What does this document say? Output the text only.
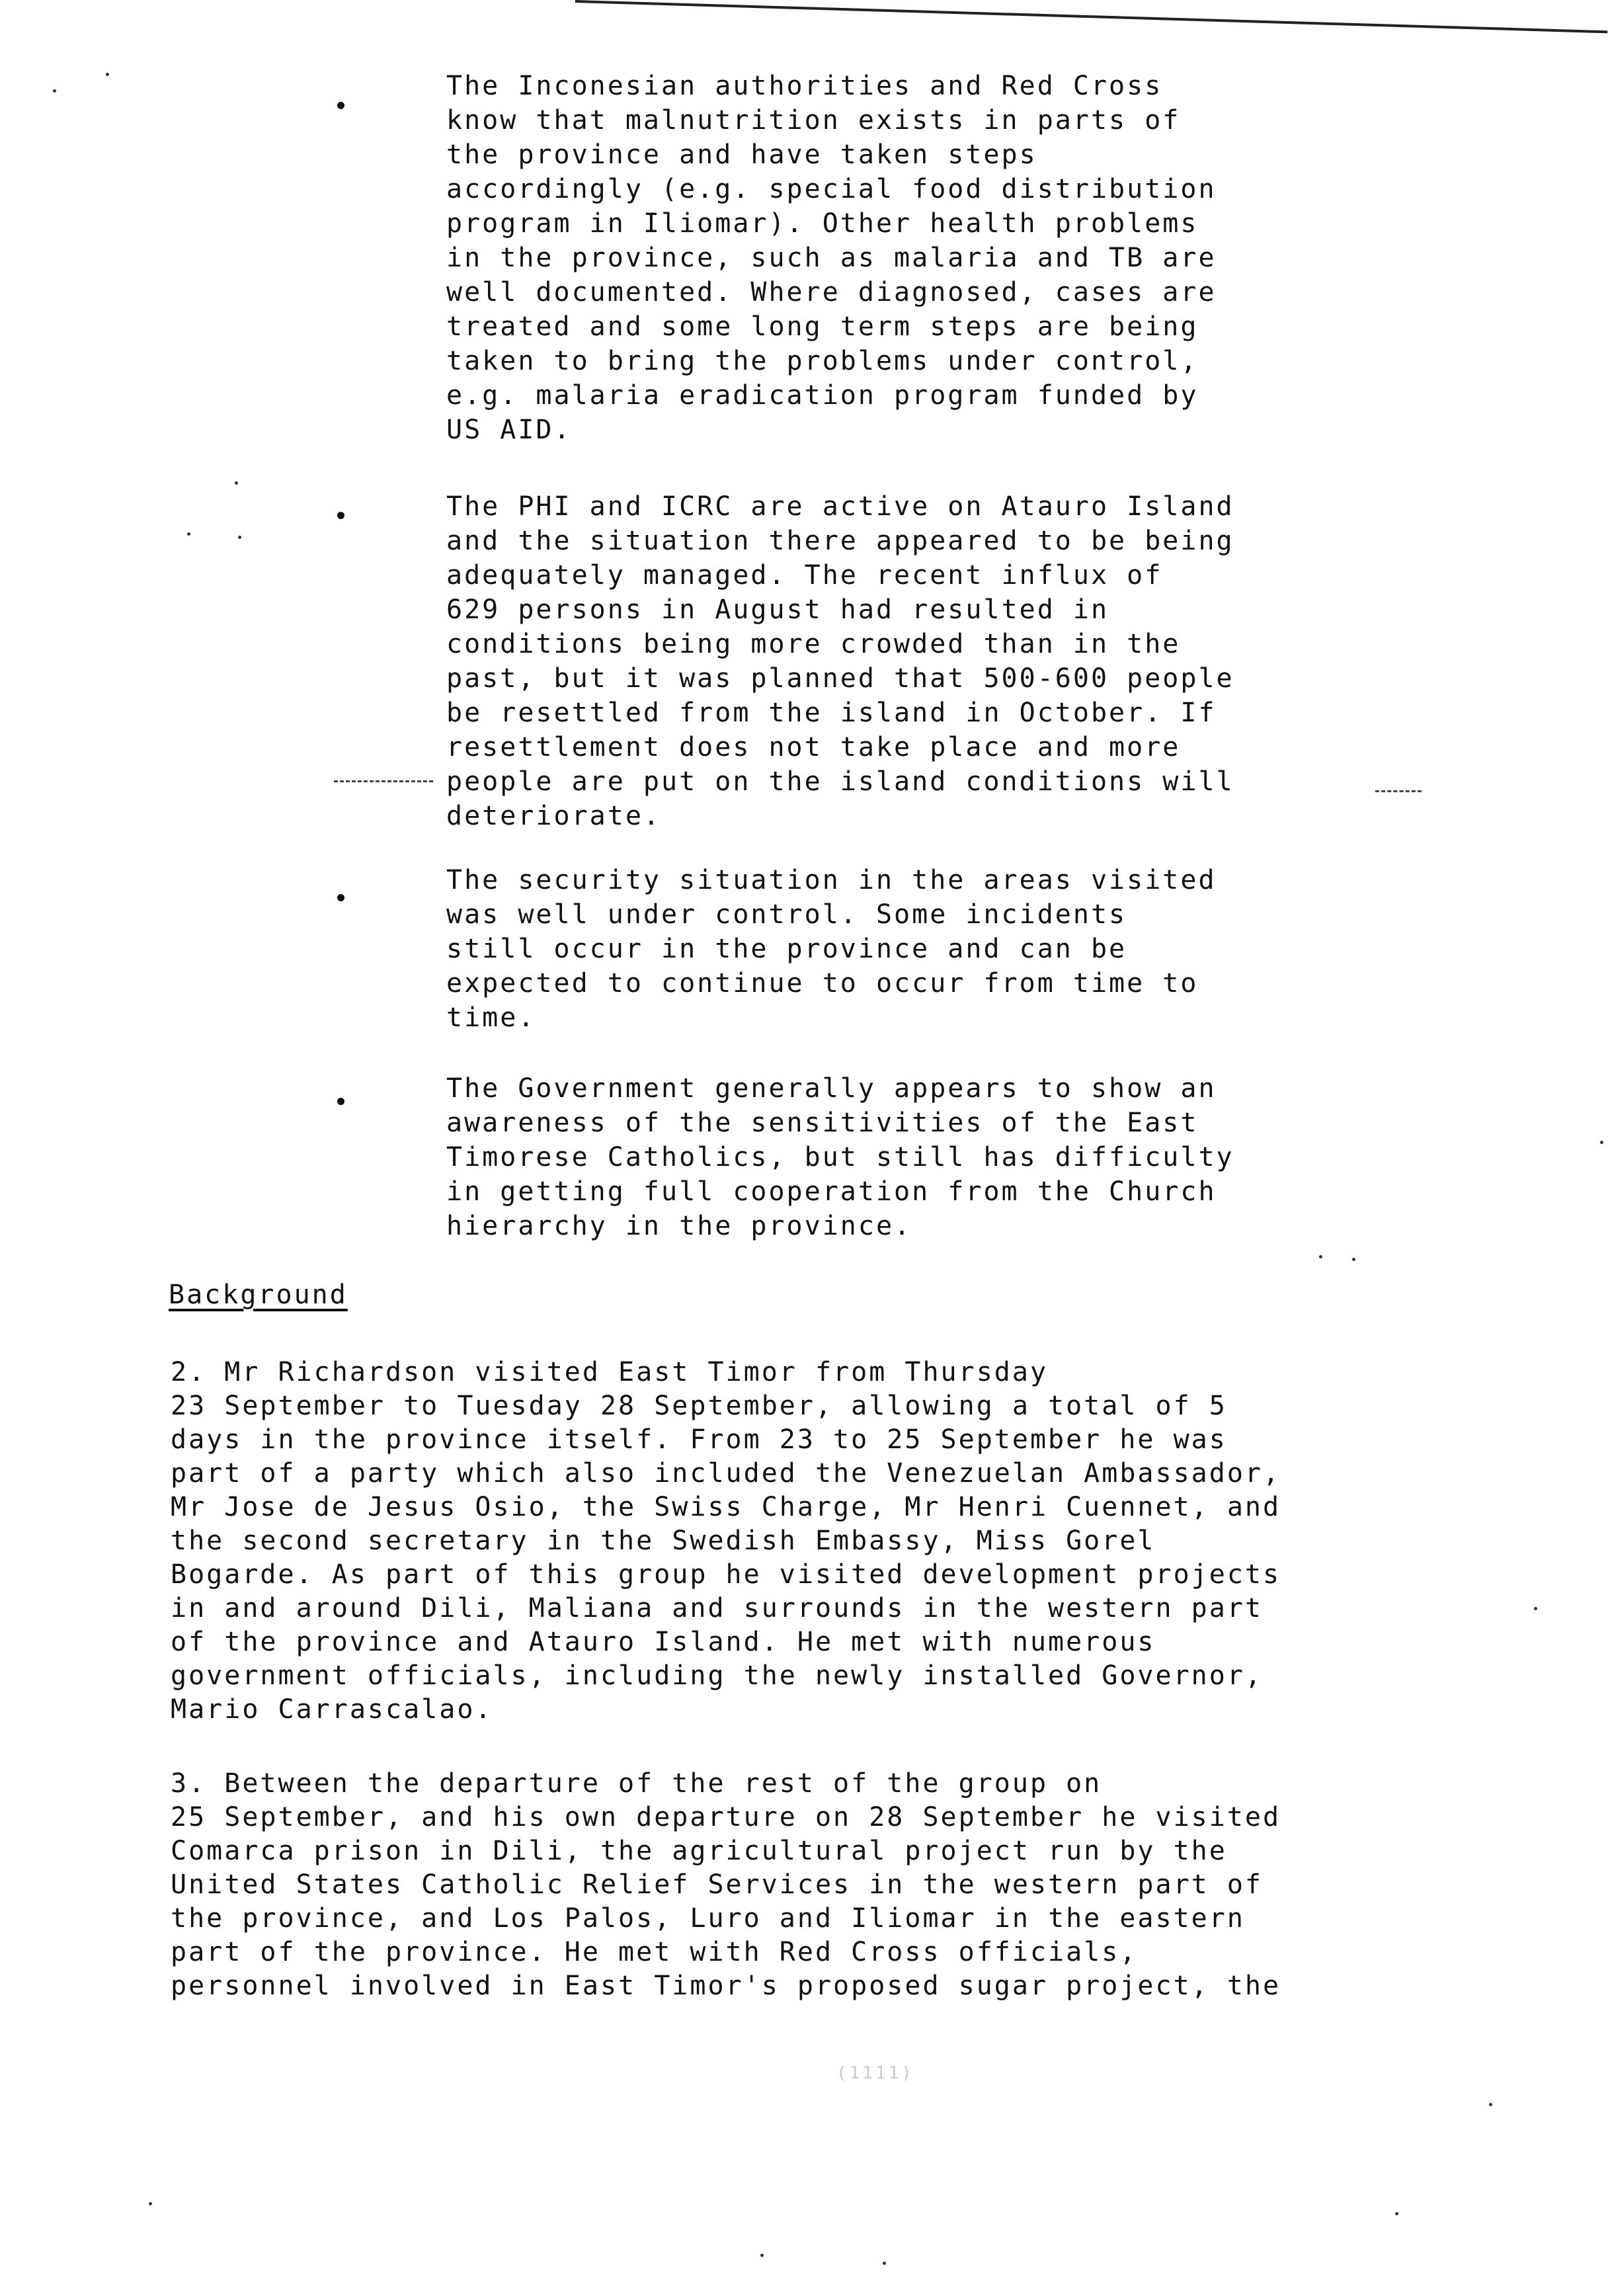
The Inconesian authorities and Red Cross
know that malnutrition exists in parts of
the province and have taken steps
accordingly (e.g. special food distribution
program in Iliomar). Other health problems
in the province, such as malaria and TB are
well documented. Where diagnosed, cases are
treated and some long term steps are being
taken to bring the problems under control,
e.g. malaria eradication program funded by
US AID.

The PHI and ICRC are active on Atauro Island
and the situation there appeared to be being
adequately managed. The recent influx of
629 persons in August had resulted in
conditions being more crowded than in the
past, but it was planned that 500-600 people
be resettled from the island in October. If
resettlement does not take place and more
people are put on the island conditions will
deteriorate.

The security situation in the areas visited
was well under control. Some incidents
still occur in the province and can be
expected to continue to occur from time to
time.

The Government generally appears to show an
awareness of the sensitivities of the East
Timorese Catholics, but still has difficulty
in getting full cooperation from the Church
hierarchy in the province.

Background

2. Mr Richardson visited East Timor from Thursday
23 September to Tuesday 28 September, allowing a total of 5
days in the province itself. From 23 to 25 September he was
part of a party which also included the Venezuelan Ambassador,
Mr Jose de Jesus Osio, the Swiss Charge, Mr Henri Cuennet, and
the second secretary in the Swedish Embassy, Miss Gorel
Bogarde. As part of this group he visited development projects
in and around Dili, Maliana and surrounds in the western part
of the province and Atauro Island. He met with numerous
government officials, including the newly installed Governor,
Mario Carrascalao.

3. Between the departure of the rest of the group on
25 September, and his own departure on 28 September he visited
Comarca prison in Dili, the agricultural project run by the
United States Catholic Relief Services in the western part of
the province, and Los Palos, Luro and Iliomar in the eastern
part of the province. He met with Red Cross officials,
personnel involved in East Timor's proposed sugar project, the

(1111)
